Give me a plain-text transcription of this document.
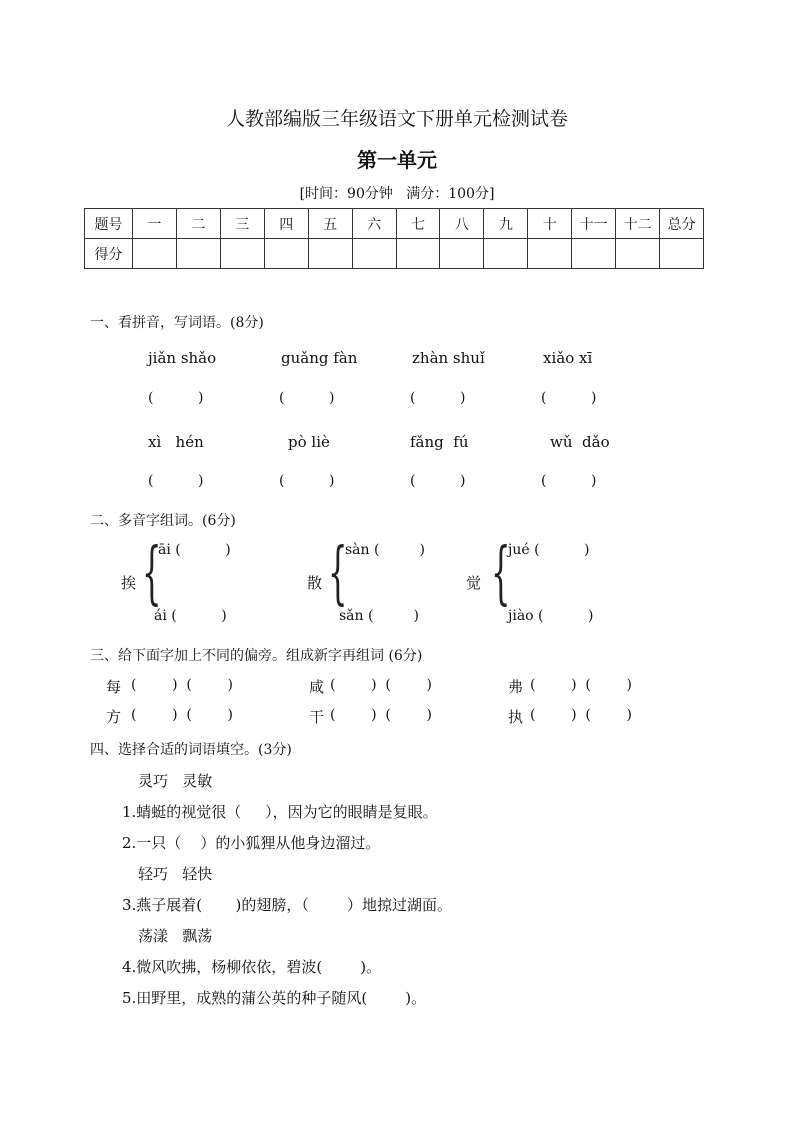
人教部编版三年级语文下册单元检测试卷
第一单元
[时间：90分钟   满分：100分]
题号	一	二	三	四	五	六	七	八	九	十	十一	十二	总分
得分													
一、看拼音，写词语。(8分)
jiǎn shǎo	guǎng fàn	zhàn shuǐ	xiǎo xī
(          )	(          )	(          )	(          )
xì   hén	pò liè	fǎng  fú	wǔ  dǎo
(          )	(          )	(          )	(          )
二、多音字组词。(6分)
挨 {
āi (          )
ái (          )
散 {
sàn (         )
sǎn (         )
觉 {
jué (          )
jiào (          )
三、给下面字加上不同的偏旁。组成新字再组词 (6分)
每 (        )  (        )	咸 (        )  (        )	弗 (        )  (        )
方 (        )  (        )	干 (        )  (        )	执 (        )  (        )
四、选择合适的词语填空。(3分)
灵巧   灵敏
1.蜻蜓的视觉很（     ），因为它的眼睛是复眼。
2.一只（    ）的小狐狸从他身边溜过。
轻巧   轻快
3.燕子展着(       )的翅膀，（        ）地掠过湖面。
荡漾   飘荡
4.微风吹拂，杨柳依依，碧波(        )。
5.田野里，成熟的蒲公英的种子随风(        )。
